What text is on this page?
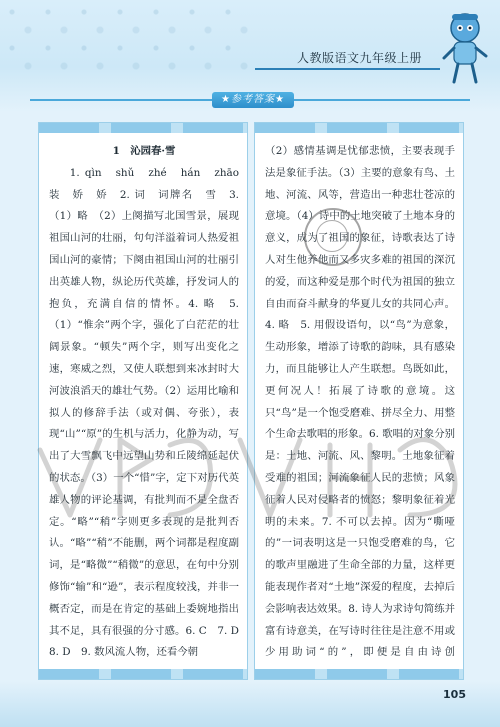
人教版语文九年级上册
★参考答案★

1　沁园春·雪

1. qìn　shǔ　zhé　hán　zhāo　装　娇　娇　2. 词　词牌名　雪　3.（1）略　（2）上阕描写北国雪景，展现祖国山河的壮丽，句句洋溢着词人热爱祖国山河的豪情；下阕由祖国山河的壮丽引出英雄人物，纵论历代英雄，抒发词人的抱负，充满自信的情怀。4. 略　5.（1）“惟余”两个字，强化了白茫茫的壮阔景象。“顿失”两个字，则写出变化之速，寒威之烈，又使人联想到来冰封时大河波浪滔天的雄壮气势。（2）运用比喻和拟人的修辞手法（或对偶、夸张），表现“山”“原”的生机与活力，化静为动，写出了大雪飘飞中远望山势和丘陵绵延起伏的状态。（3）一个“惜”字，定下对历代英雄人物的评论基调，有批判而不是全盘否定。“略”“稍”字则更多表现的是批判否认。“略”“稍”不能删，两个词都是程度副词，是“略微”“稍微”的意思，在句中分别修饰“输”和“逊”，表示程度较浅，并非一概否定，而是在肯定的基础上委婉地指出其不足，具有很强的分寸感。6. C　7. D　8. D　9. 数风流人物，还看今朝

（2）感情基调是忧郁悲愤，主要表现手法是象征手法。（3）主要的意象有鸟、土地、河流、风等，营造出一种悲壮苍凉的意境。（4）诗中的土地突破了土地本身的意义，成为了祖国的象征，诗歌表达了诗人对生他养他而又多灾多难的祖国的深沉的爱，而这种爱是那个时代为祖国的独立自由而奋斗献身的华夏儿女的共同心声。4. 略　5. 用假设语句，以“鸟”为意象，生动形象，增添了诗歌的韵味，具有感染力，而且能够让人产生联想。鸟既如此，更何况人！拓展了诗歌的意境。这只“鸟”是一个饱受磨难、拼尽全力、用整个生命去歌唱的形象。6. 歌唱的对象分别是：土地、河流、风、黎明。土地象征着受难的祖国；河流象征人民的悲愤；风象征着人民对侵略者的愤怒；黎明象征着光明的未来。7. 不可以去掉。因为“嘶哑的”一词表明这是一只饱受磨难的鸟，它的歌声里融进了生命全部的力量，这样更能表现作者对“土地”深爱的程度，去掉后会影响表达效果。8. 诗人为求诗句简练并富有诗意美，在写诗时往往是注意不用或少用助词“的”，即便是自由诗创

105
